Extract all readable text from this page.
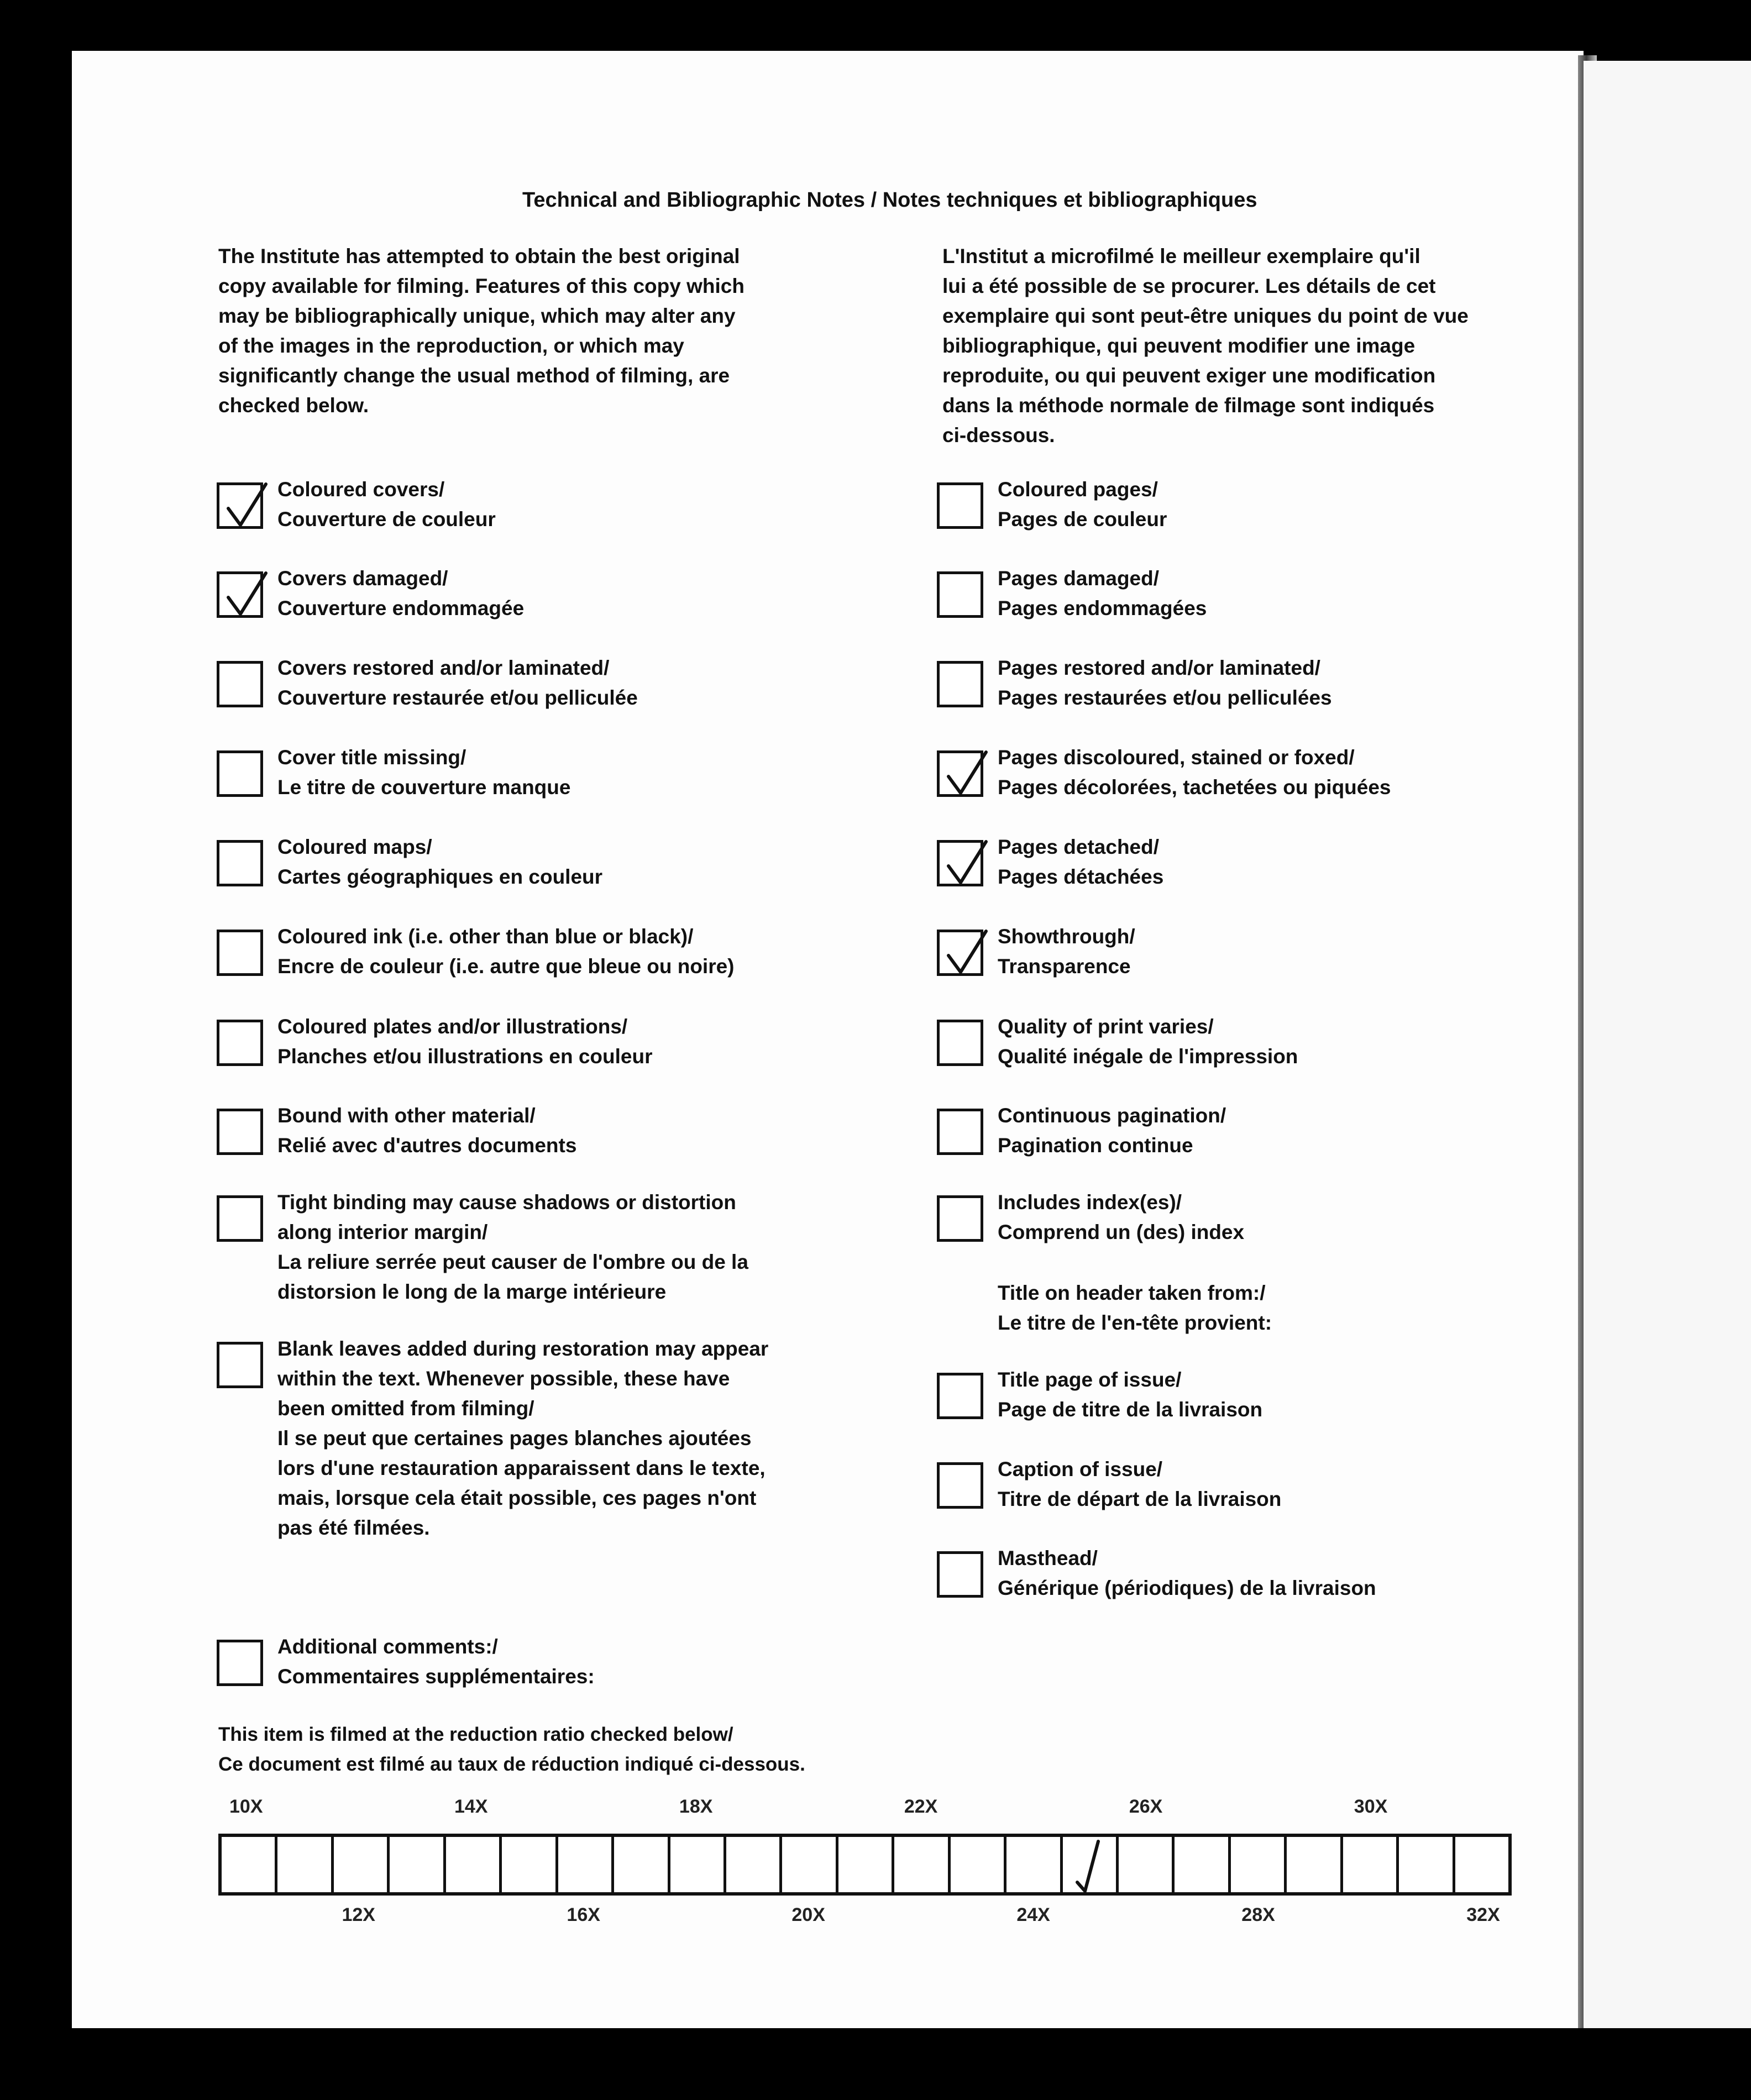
Technical and Bibliographic Notes / Notes techniques et bibliographiques
The Institute has attempted to obtain the best original
copy available for filming. Features of this copy which
may be bibliographically unique, which may alter any
of the images in the reproduction, or which may
significantly change the usual method of filming, are
checked below.
L'Institut a microfilmé le meilleur exemplaire qu'il
lui a été possible de se procurer. Les détails de cet
exemplaire qui sont peut-être uniques du point de vue
bibliographique, qui peuvent modifier une image
reproduite, ou qui peuvent exiger une modification
dans la méthode normale de filmage sont indiqués
ci-dessous.
Coloured covers/
Couverture de couleur
Covers damaged/
Couverture endommagée
Covers restored and/or laminated/
Couverture restaurée et/ou pelliculée
Cover title missing/
Le titre de couverture manque
Coloured maps/
Cartes géographiques en couleur
Coloured ink (i.e. other than blue or black)/
Encre de couleur (i.e. autre que bleue ou noire)
Coloured plates and/or illustrations/
Planches et/ou illustrations en couleur
Bound with other material/
Relié avec d'autres documents
Tight binding may cause shadows or distortion
along interior margin/
La reliure serrée peut causer de l'ombre ou de la
distorsion le long de la marge intérieure
Blank leaves added during restoration may appear
within the text. Whenever possible, these have
been omitted from filming/
Il se peut que certaines pages blanches ajoutées
lors d'une restauration apparaissent dans le texte,
mais, lorsque cela était possible, ces pages n'ont
pas été filmées.
Additional comments:/
Commentaires supplémentaires:
Coloured pages/
Pages de couleur
Pages damaged/
Pages endommagées
Pages restored and/or laminated/
Pages restaurées et/ou pelliculées
Pages discoloured, stained or foxed/
Pages décolorées, tachetées ou piquées
Pages detached/
Pages détachées
Showthrough/
Transparence
Quality of print varies/
Qualité inégale de l'impression
Continuous pagination/
Pagination continue
Includes index(es)/
Comprend un (des) index
Title page of issue/
Page de titre de la livraison
Caption of issue/
Titre de départ de la livraison
Masthead/
Générique (périodiques) de la livraison
Title on header taken from:/
Le titre de l'en-tête provient:
This item is filmed at the reduction ratio checked below/
Ce document est filmé au taux de réduction indiqué ci-dessous.
10X	14X	18X	22X	26X	30X
12X	16X	20X	24X	28X	32X
